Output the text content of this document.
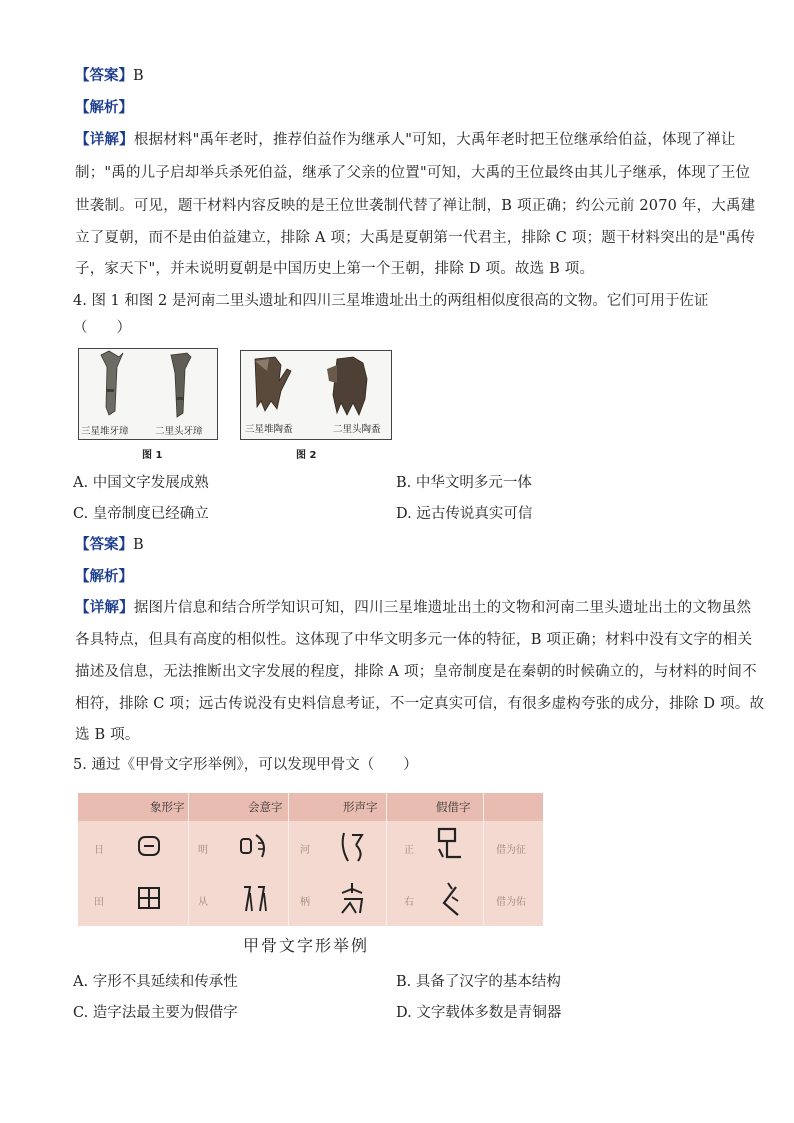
【答案】B
【解析】
【详解】根据材料"禹年老时，推荐伯益作为继承人"可知，大禹年老时把王位继承给伯益，体现了禅让
制；"禹的儿子启却举兵杀死伯益，继承了父亲的位置"可知，大禹的王位最终由其儿子继承，体现了王位
世袭制。可见，题干材料内容反映的是王位世袭制代替了禅让制，B 项正确；约公元前 2070 年，大禹建
立了夏朝，而不是由伯益建立，排除 A 项；大禹是夏朝第一代君主，排除 C 项；题干材料突出的是"禹传
子，家天下"，并未说明夏朝是中国历史上第一个王朝，排除 D 项。故选 B 项。
4. 图 1 和图 2 是河南二里头遗址和四川三星堆遗址出土的两组相似度很高的文物。它们可用于佐证
（　　）
三星堆牙璋	二里头牙璋
图 1
三星堆陶盉	二里头陶盉
图 2
A. 中国文字发展成熟	B. 中华文明多元一体
C. 皇帝制度已经确立	D. 远古传说真实可信
【答案】B
【解析】
【详解】据图片信息和结合所学知识可知，四川三星堆遗址出土的文物和河南二里头遗址出土的文物虽然
各具特点，但具有高度的相似性。这体现了中华文明多元一体的特征，B 项正确；材料中没有文字的相关
描述及信息，无法推断出文字发展的程度，排除 A 项；皇帝制度是在秦朝的时候确立的，与材料的时间不
相符，排除 C 项；远古传说没有史料信息考证，不一定真实可信，有很多虚构夸张的成分，排除 D 项。故
选 B 项。
5. 通过《甲骨文字形举例》，可以发现甲骨文（　　）
象形字	会意字	形声字	假借字
日	明	河	正	借为征
田	从	柄	右	借为佑
甲骨文字形举例
A. 字形不具延续和传承性	B. 具备了汉字的基本结构
C. 造字法最主要为假借字	D. 文字载体多数是青铜器
